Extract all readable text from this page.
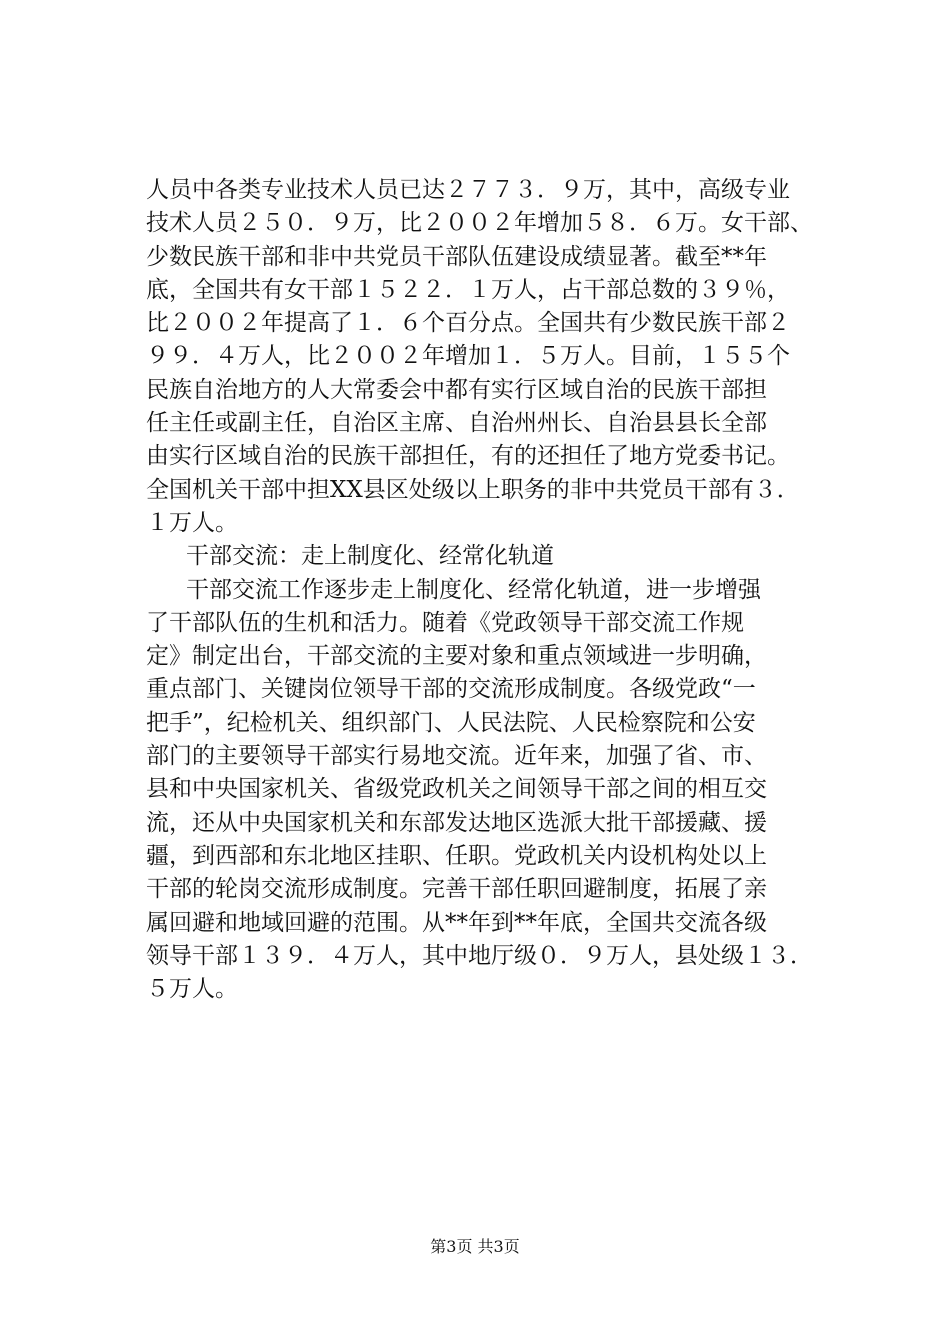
人员中各类专业技术人员已达２７７３．９万，其中，高级专业
技术人员２５０．９万，比２００２年增加５８．６万。女干部、
少数民族干部和非中共党员干部队伍建设成绩显著。截至**年
底，全国共有女干部１５２２．１万人，占干部总数的３９％，
比２００２年提高了１．６个百分点。全国共有少数民族干部２
９９．４万人，比２００２年增加１．５万人。目前，１５５个
民族自治地方的人大常委会中都有实行区域自治的民族干部担
任主任或副主任，自治区主席、自治州州长、自治县县长全部
由实行区域自治的民族干部担任，有的还担任了地方党委书记。
全国机关干部中担XX县区处级以上职务的非中共党员干部有３．
１万人。
干部交流：走上制度化、经常化轨道
干部交流工作逐步走上制度化、经常化轨道，进一步增强
了干部队伍的生机和活力。随着《党政领导干部交流工作规
定》制定出台，干部交流的主要对象和重点领域进一步明确，
重点部门、关键岗位领导干部的交流形成制度。各级党政“一
把手”，纪检机关、组织部门、人民法院、人民检察院和公安
部门的主要领导干部实行易地交流。近年来，加强了省、市、
县和中央国家机关、省级党政机关之间领导干部之间的相互交
流，还从中央国家机关和东部发达地区选派大批干部援藏、援
疆，到西部和东北地区挂职、任职。党政机关内设机构处以上
干部的轮岗交流形成制度。完善干部任职回避制度，拓展了亲
属回避和地域回避的范围。从**年到**年底，全国共交流各级
领导干部１３９．４万人，其中地厅级０．９万人，县处级１３．
５万人。
第3页 共3页
